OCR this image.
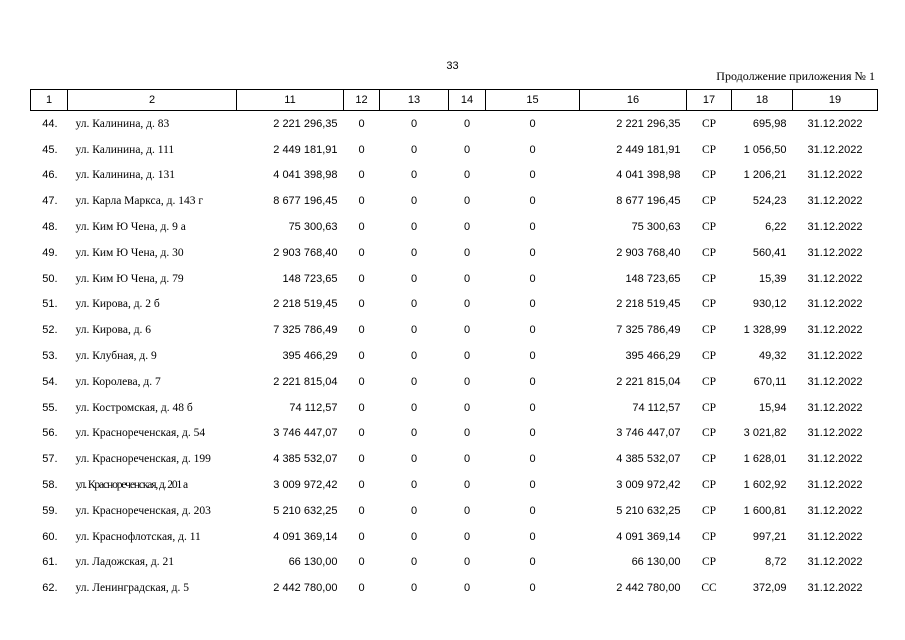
33
Продолжение приложения № 1
1	2	11	12	13	14	15	16	17	18	19
44.	ул. Калинина, д. 83	2 221 296,35	0	0	0	0	2 221 296,35	СР	695,98	31.12.2022
45.	ул. Калинина, д. 111	2 449 181,91	0	0	0	0	2 449 181,91	СР	1 056,50	31.12.2022
46.	ул. Калинина, д. 131	4 041 398,98	0	0	0	0	4 041 398,98	СР	1 206,21	31.12.2022
47.	ул. Карла Маркса, д. 143 г	8 677 196,45	0	0	0	0	8 677 196,45	СР	524,23	31.12.2022
48.	ул. Ким Ю Чена, д. 9 а	75 300,63	0	0	0	0	75 300,63	СР	6,22	31.12.2022
49.	ул. Ким Ю Чена, д. 30	2 903 768,40	0	0	0	0	2 903 768,40	СР	560,41	31.12.2022
50.	ул. Ким Ю Чена, д. 79	148 723,65	0	0	0	0	148 723,65	СР	15,39	31.12.2022
51.	ул. Кирова, д. 2 б	2 218 519,45	0	0	0	0	2 218 519,45	СР	930,12	31.12.2022
52.	ул. Кирова, д. 6	7 325 786,49	0	0	0	0	7 325 786,49	СР	1 328,99	31.12.2022
53.	ул. Клубная, д. 9	395 466,29	0	0	0	0	395 466,29	СР	49,32	31.12.2022
54.	ул. Королева, д. 7	2 221 815,04	0	0	0	0	2 221 815,04	СР	670,11	31.12.2022
55.	ул. Костромская, д. 48 б	74 112,57	0	0	0	0	74 112,57	СР	15,94	31.12.2022
56.	ул. Краснореченская, д. 54	3 746 447,07	0	0	0	0	3 746 447,07	СР	3 021,82	31.12.2022
57.	ул. Краснореченская, д. 199	4 385 532,07	0	0	0	0	4 385 532,07	СР	1 628,01	31.12.2022
58.	ул. Краснореченская, д. 201 а	3 009 972,42	0	0	0	0	3 009 972,42	СР	1 602,92	31.12.2022
59.	ул. Краснореченская, д. 203	5 210 632,25	0	0	0	0	5 210 632,25	СР	1 600,81	31.12.2022
60.	ул. Краснофлотская, д. 11	4 091 369,14	0	0	0	0	4 091 369,14	СР	997,21	31.12.2022
61.	ул. Ладожская, д. 21	66 130,00	0	0	0	0	66 130,00	СР	8,72	31.12.2022
62.	ул. Ленинградская, д. 5	2 442 780,00	0	0	0	0	2 442 780,00	СС	372,09	31.12.2022
